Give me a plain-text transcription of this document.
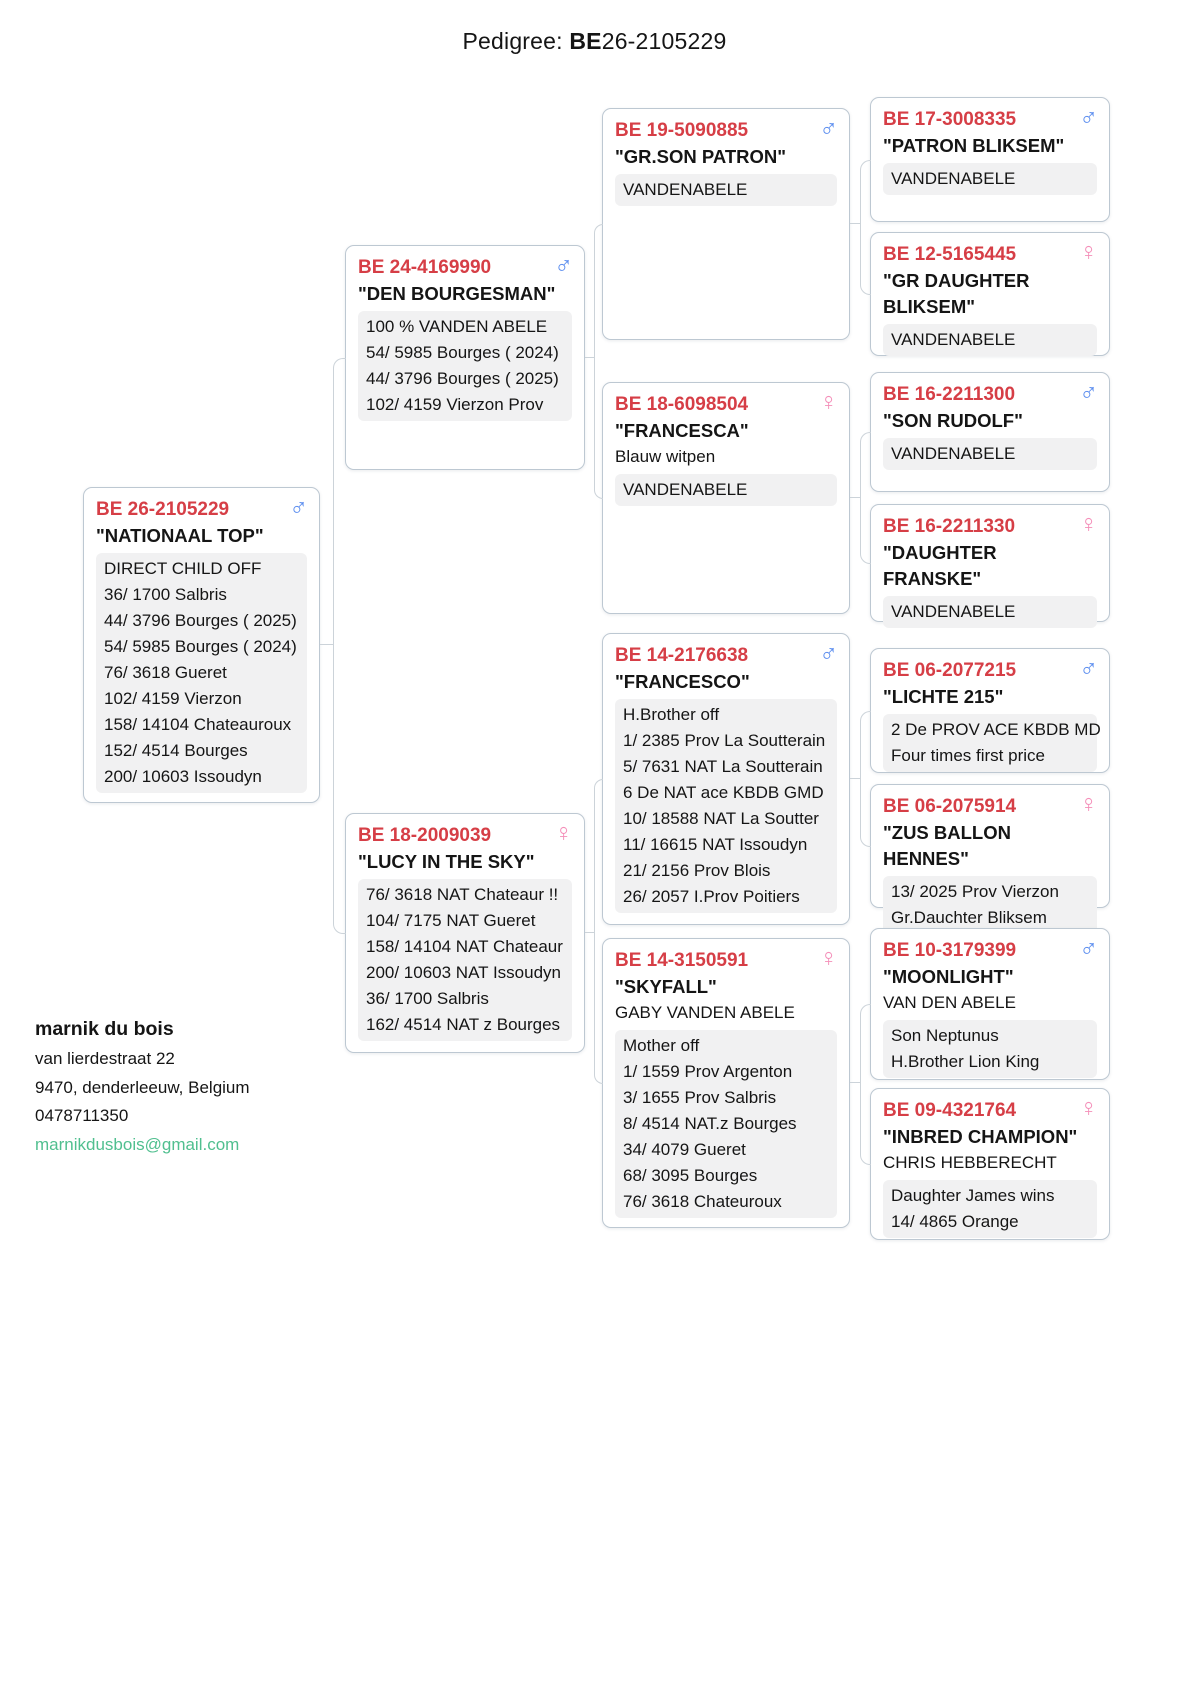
Pedigree: BE26-2105229
BE 26-2105229	♂
"NATIONAAL TOP"
DIRECT CHILD OFF
36/ 1700 Salbris
44/ 3796 Bourges ( 2025)
54/ 5985 Bourges ( 2024)
76/ 3618 Gueret
102/ 4159 Vierzon
158/ 14104 Chateauroux
152/ 4514 Bourges
200/ 10603 Issoudyn
BE 24-4169990	♂
"DEN BOURGESMAN"
100 % VANDEN ABELE
54/ 5985 Bourges ( 2024)
44/ 3796 Bourges ( 2025)
102/ 4159 Vierzon Prov
BE 18-2009039	♀
"LUCY IN THE SKY"
76/ 3618 NAT Chateaur !!
104/ 7175 NAT Gueret
158/ 14104 NAT Chateaur
200/ 10603 NAT Issoudyn
36/ 1700 Salbris
162/ 4514 NAT z Bourges
BE 19-5090885	♂
"GR.SON PATRON"
VANDENABELE
BE 18-6098504	♀
"FRANCESCA"
Blauw witpen
VANDENABELE
BE 14-2176638	♂
"FRANCESCO"
H.Brother off
1/ 2385 Prov La Soutterain
5/ 7631 NAT La Soutterain
6 De NAT ace KBDB GMD
10/ 18588 NAT La Soutter
11/ 16615 NAT Issoudyn
21/ 2156 Prov Blois
26/ 2057 I.Prov Poitiers
BE 14-3150591	♀
"SKYFALL"
GABY VANDEN ABELE
Mother off
1/ 1559 Prov Argenton
3/ 1655 Prov Salbris
8/ 4514 NAT.z Bourges
34/ 4079 Gueret
68/ 3095 Bourges
76/ 3618 Chateuroux
BE 17-3008335	♂
"PATRON BLIKSEM"
VANDENABELE
BE 12-5165445	♀
"GR DAUGHTER BLIKSEM"
VANDENABELE
BE 16-2211300	♂
"SON RUDOLF"
VANDENABELE
BE 16-2211330	♀
"DAUGHTER FRANSKE"
VANDENABELE
BE 06-2077215	♂
"LICHTE 215"
2 De PROV ACE KBDB MD
Four times first price
BE 06-2075914	♀
"ZUS BALLON HENNES"
13/ 2025 Prov Vierzon
Gr.Dauchter Bliksem
BE 10-3179399	♂
"MOONLIGHT"
VAN DEN ABELE
Son Neptunus
H.Brother Lion King
BE 09-4321764	♀
"INBRED CHAMPION"
CHRIS HEBBERECHT
Daughter James wins
14/ 4865 Orange
marnik du bois
van lierdestraat 22
9470, denderleeuw, Belgium
0478711350
marnikdusbois@gmail.com
